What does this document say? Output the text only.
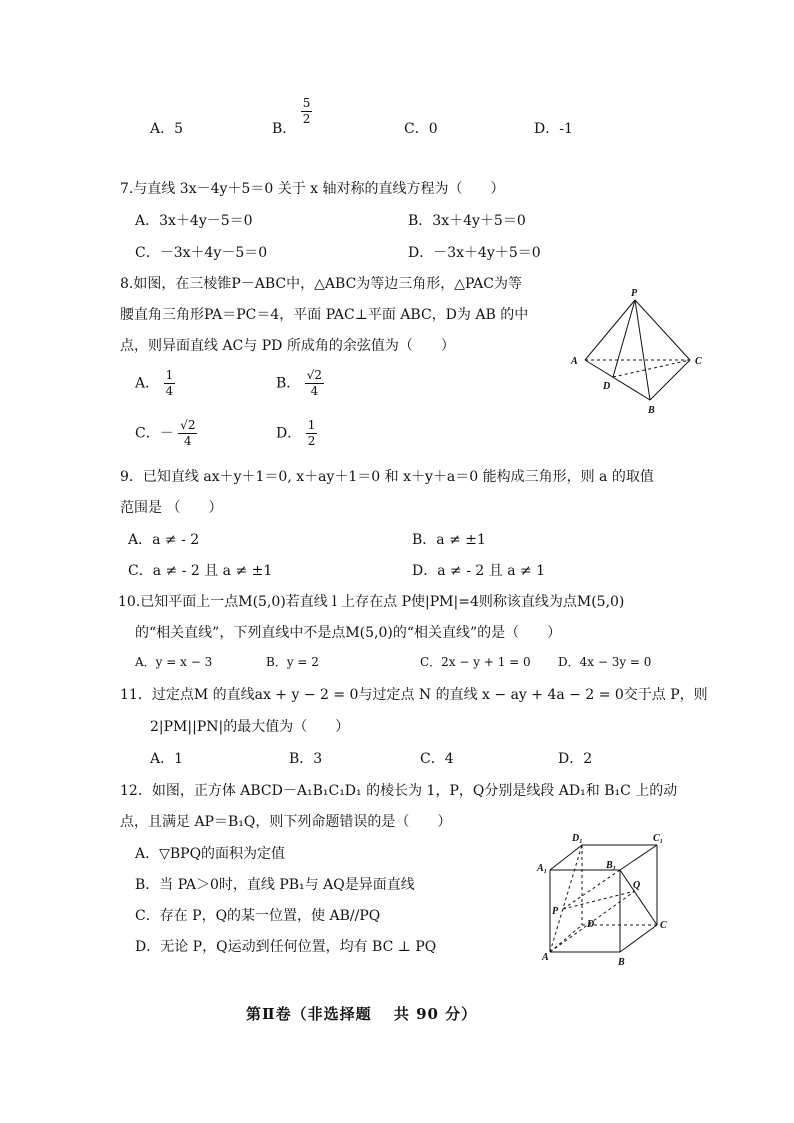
A．5	B．
$\frac{5}{2}$
C．0	D．-1
7.与直线 3x－4y＋5＝0 关于 x 轴对称的直线方程为（　　）
A．3x＋4y－5＝0	B．3x＋4y＋5＝0
C．－3x＋4y－5＝0	D．－3x＋4y＋5＝0
8.如图，在三棱锥P－ABC中，△ABC为等边三角形，△PAC为等
腰直角三角形PA＝PC＝4，平面 PAC⊥平面 ABC，D为 AB 的中
点，则异面直线 AC与 PD 所成角的余弦值为（　　）
A． $\frac{1}{4}$	B． $\frac{√2}{4}$
C．－ $\frac{√2}{4}$	D． $\frac{1}{2}$
P
A	C
D
B
9．已知直线 ax＋y＋1＝0, x＋ay＋1＝0 和 x＋y＋a＝0 能构成三角形，则 a 的取值
范围是 （　　）
A．a ≠ - 2	B．a ≠ ±1
C．a ≠ - 2 且 a ≠ ±1	D．a ≠ - 2 且 a ≠ 1
10.已知平面上一点M(5,0)若直线 l 上存在点 P使|PM|=4则称该直线为点M(5,0)
的“相关直线”，下列直线中不是点M(5,0)的“相关直线”的是（　　）
A．y = x − 3	B．y = 2	C．2x − y + 1 = 0 D．4x − 3y = 0
11．过定点M 的直线ax + y − 2 = 0与过定点 N 的直线 x − ay + 4a − 2 = 0交于点 P，则
2|PM||PN|的最大值为（　　）
A．1	B．3	C．4	D．2
12．如图，正方体 ABCD－A₁B₁C₁D₁ 的棱长为 1，P，Q分别是线段 AD₁和 B₁C 上的动
点，且满足 AP＝B₁Q，则下列命题错误的是（　　）
A．▽BPQ的面积为定值
B．当 PA＞0时，直线 PB₁与 AQ是异面直线
C．存在 P，Q的某一位置，使 AB//PQ
D．无论 P，Q运动到任何位置，均有 BC ⊥ PQ
D₁	C₁
A₁	B₁
Q
P
D	C
A	B
第Ⅱ卷（非选择题　 共 90 分）
